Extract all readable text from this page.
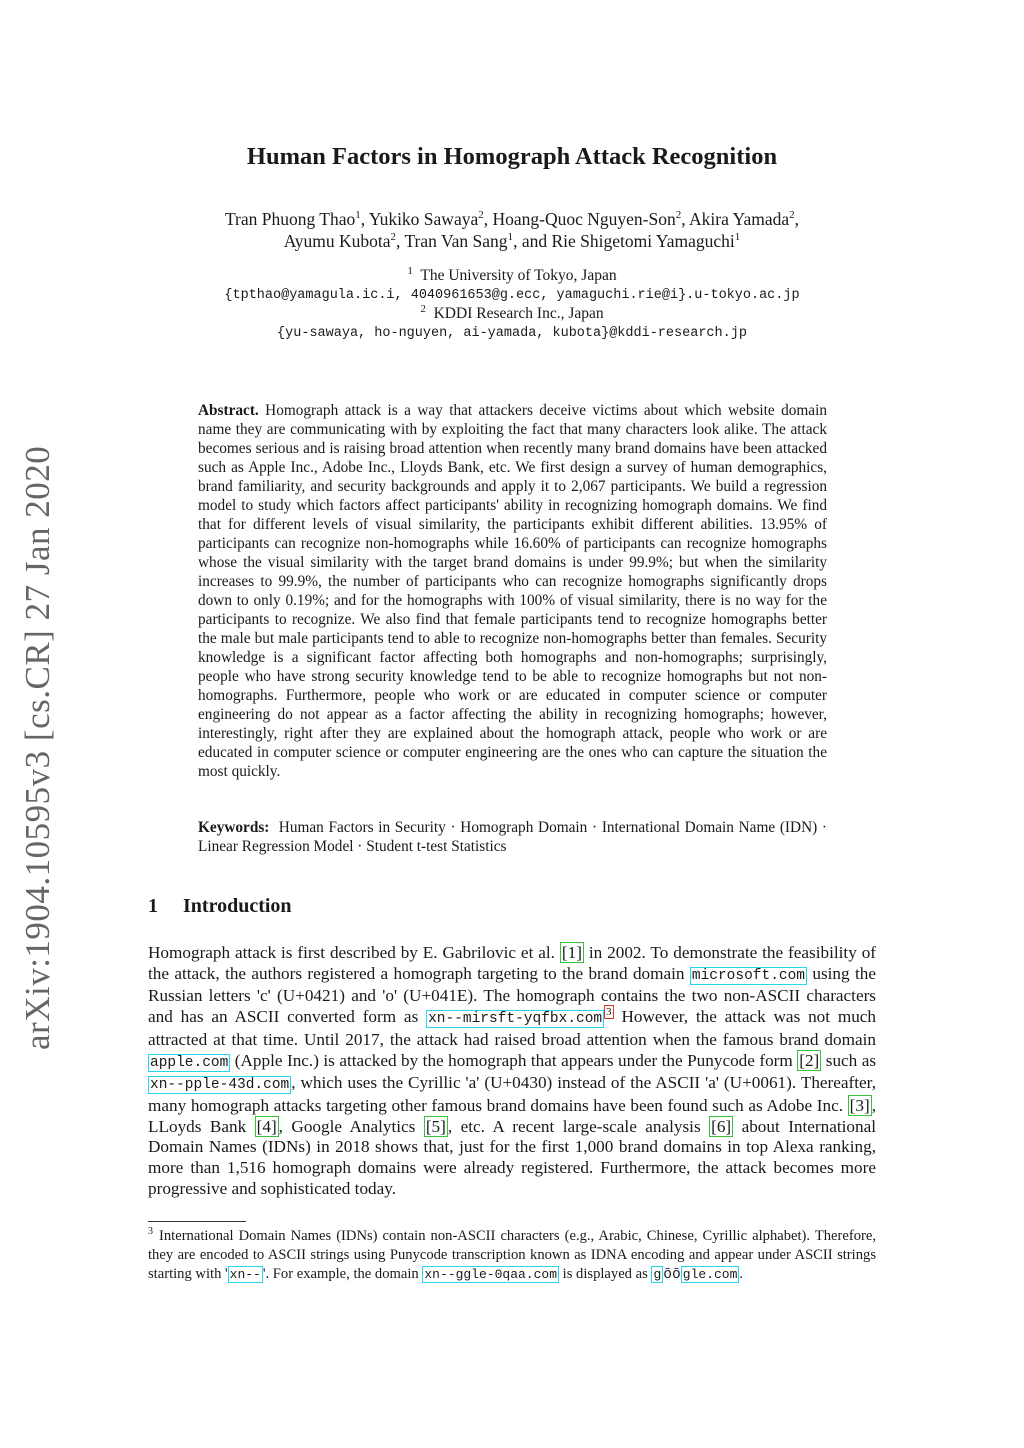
arXiv:1904.10595v3 [cs.CR] 27 Jan 2020
Human Factors in Homograph Attack Recognition
Tran Phuong Thao$^1$, Yukiko Sawaya$^2$, Hoang-Quoc Nguyen-Son$^2$, Akira Yamada$^2$,
Ayumu Kubota$^2$, Tran Van Sang$^1$, and Rie Shigetomi Yamaguchi$^1$
$^1$ The University of Tokyo, Japan
{tpthao@yamagula.ic.i, 4040961653@g.ecc, yamaguchi.rie@i}.u-tokyo.ac.jp
$^2$ KDDI Research Inc., Japan
{yu-sawaya, ho-nguyen, ai-yamada, kubota}@kddi-research.jp
Abstract. Homograph attack is a way that attackers deceive victims about which website domain name they are communicating with by exploiting the fact that many characters look alike. The attack becomes serious and is raising broad attention when recently many brand domains have been attacked such as Apple Inc., Adobe Inc., Lloyds Bank, etc. We first design a survey of human demographics, brand familiarity, and security backgrounds and apply it to 2,067 participants. We build a regression model to study which factors affect participants' ability in recognizing homograph domains. We find that for different levels of visual similarity, the participants exhibit different abilities. 13.95% of participants can recognize non-homographs while 16.60% of participants can recognize homographs whose the visual similarity with the target brand domains is under 99.9%; but when the similarity increases to 99.9%, the number of participants who can recognize homographs significantly drops down to only 0.19%; and for the homographs with 100% of visual similarity, there is no way for the participants to recognize. We also find that female participants tend to recognize homographs better the male but male participants tend to able to recognize non-homographs better than females. Security knowledge is a significant factor affecting both homographs and non-homographs; surprisingly, people who have strong security knowledge tend to be able to recognize homographs but not non-homographs. Furthermore, people who work or are educated in computer science or computer engineering do not appear as a factor affecting the ability in recognizing homographs; however, interestingly, right after they are explained about the homograph attack, people who work or are educated in computer science or computer engineering are the ones who can capture the situation the most quickly.
Keywords: Human Factors in Security · Homograph Domain · International Domain Name (IDN) · Linear Regression Model · Student t-test Statistics
1 Introduction
Homograph attack is first described by E. Gabrilovic et al. [1] in 2002. To demonstrate the feasibility of the attack, the authors registered a homograph targeting to the brand domain microsoft.com using the Russian letters 'c' (U+0421) and 'o' (U+041E). The homograph contains the two non-ASCII characters and has an ASCII converted form as xn--mirsft-yqfbx.com $^3$ However, the attack was not much attracted at that time. Until 2017, the attack had raised broad attention when the famous brand domain apple.com (Apple Inc.) is attacked by the homograph that appears under the Punycode form [2] such as xn--pple-43d.com , which uses the Cyrillic 'a' (U+0430) instead of the ASCII 'a' (U+0061). Thereafter, many homograph attacks targeting other famous brand domains have been found such as Adobe Inc. [3] , LLoyds Bank [4] , Google Analytics [5] , etc. A recent large-scale analysis [6] about International Domain Names (IDNs) in 2018 shows that, just for the first 1,000 brand domains in top Alexa ranking, more than 1,516 homograph domains were already registered. Furthermore, the attack becomes more progressive and sophisticated today.
$^3$ International Domain Names (IDNs) contain non-ASCII characters (e.g., Arabic, Chinese, Cyrillic alphabet). Therefore, they are encoded to ASCII strings using Punycode transcription known as IDNA encoding and appear under ASCII strings starting with ' xn-- '. For example, the domain xn--ggle-0qaa.com is displayed as g ōō gle.com .
